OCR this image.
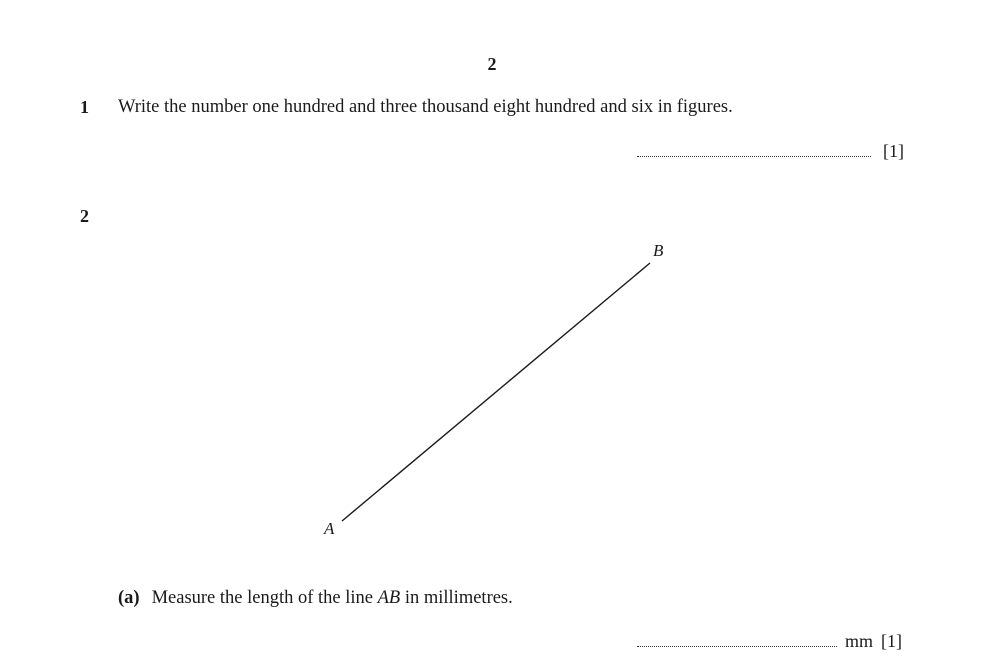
2
1 Write the number one hundred and three thousand eight hundred and six in figures.
[1]
2
A
B
(a) Measure the length of the line AB in millimetres.
mm [1]
